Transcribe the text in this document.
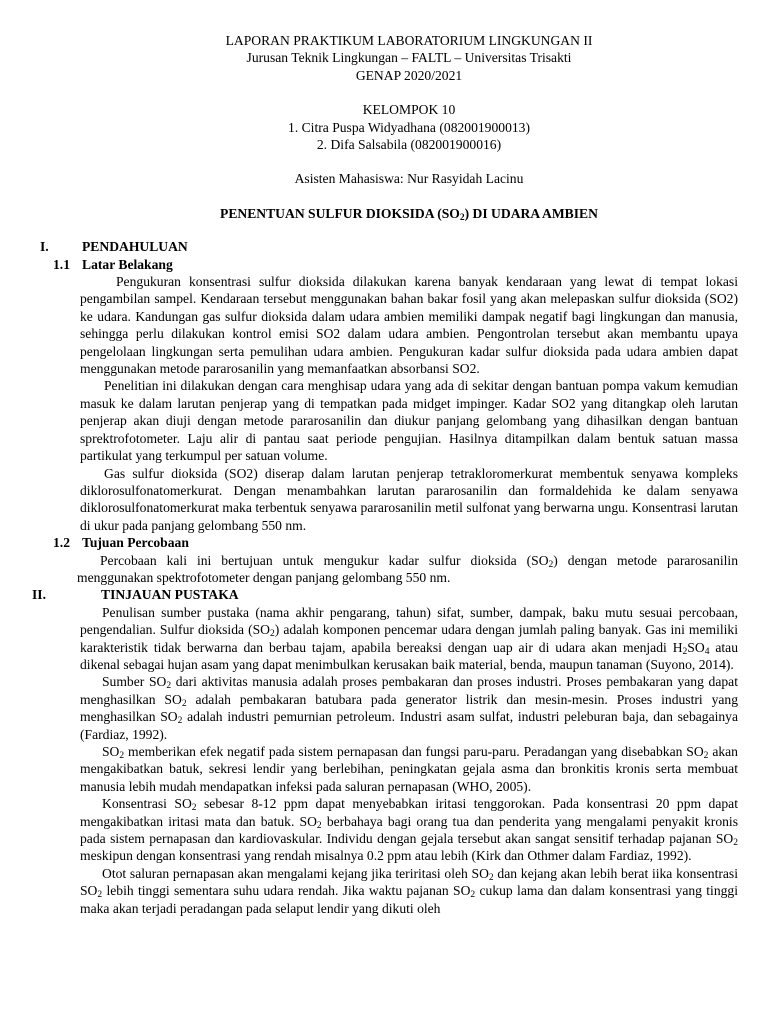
LAPORAN PRAKTIKUM LABORATORIUM LINGKUNGAN II
Jurusan Teknik Lingkungan – FALTL – Universitas Trisakti
GENAP 2020/2021
KELOMPOK 10
1. Citra Puspa Widyadhana (082001900013)
2. Difa Salsabila (082001900016)
Asisten Mahasiswa: Nur Rasyidah Lacinu
PENENTUAN SULFUR DIOKSIDA $(SO_2)$ DI UDARA AMBIEN
I. PENDAHULUAN
1.1 Latar Belakang

Pengukuran konsentrasi sulfur dioksida dilakukan karena banyak kendaraan yang lewat di tempat lokasi pengambilan sampel. Kendaraan tersebut menggunakan bahan bakar fosil yang akan melepaskan sulfur dioksida (SO2) ke udara. Kandungan gas sulfur dioksida dalam udara ambien memiliki dampak negatif bagi lingkungan dan manusia, sehingga perlu dilakukan kontrol emisi SO2 dalam udara ambien. Pengontrolan tersebut akan membantu upaya pengelolaan lingkungan serta pemulihan udara ambien. Pengukuran kadar sulfur dioksida pada udara ambien dapat menggunakan metode pararosanilin yang memanfaatkan absorbansi SO2.

Penelitian ini dilakukan dengan cara menghisap udara yang ada di sekitar dengan bantuan pompa vakum kemudian masuk ke dalam larutan penjerap yang di tempatkan pada midget impinger. Kadar SO2 yang ditangkap oleh larutan penjerap akan diuji dengan metode pararosanilin dan diukur panjang gelombang yang dihasilkan dengan bantuan sprektrofotometer. Laju alir di pantau saat periode pengujian. Hasilnya ditampilkan dalam bentuk satuan massa partikulat yang terkumpul per satuan volume.

Gas sulfur dioksida (SO2) diserap dalam larutan penjerap tetrakloromerkurat membentuk senyawa kompleks diklorosulfonatomerkurat. Dengan menambahkan larutan pararosanilin dan formaldehida ke dalam senyawa diklorosulfonatomerkurat maka terbentuk senyawa pararosanilin metil sulfonat yang berwarna ungu. Konsentrasi larutan di ukur pada panjang gelombang 550 nm.

1.2 Tujuan Percobaan

Percobaan kali ini bertujuan untuk mengukur kadar sulfur dioksida $(SO_2)$ dengan metode pararosanilin menggunakan spektrofotometer dengan panjang gelombang 550 nm.

II.	TINJAUAN PUSTAKA

Penulisan sumber pustaka (nama akhir pengarang, tahun) sifat, sumber, dampak, baku mutu sesuai percobaan, pengendalian. Sulfur dioksida $(SO_2)$ adalah komponen pencemar udara dengan jumlah paling banyak. Gas ini memiliki karakteristik tidak berwarna dan berbau tajam, apabila bereaksi dengan uap air di udara akan menjadi $H_2SO_4$ atau dikenal sebagai hujan asam yang dapat menimbulkan kerusakan baik material, benda, maupun tanaman (Suyono, 2014).

Sumber $SO_2$ dari aktivitas manusia adalah proses pembakaran dan proses industri. Proses pembakaran yang dapat menghasilkan $SO_2$ adalah pembakaran batubara pada generator listrik dan mesin-mesin. Proses industri yang menghasilkan $SO_2$ adalah industri pemurnian petroleum. Industri asam sulfat, industri peleburan baja, dan sebagainya (Fardiaz, 1992).

$SO_2$ memberikan efek negatif pada sistem pernapasan dan fungsi paru-paru. Peradangan yang disebabkan $SO_2$ akan mengakibatkan batuk, sekresi lendir yang berlebihan, peningkatan gejala asma dan bronkitis kronis serta membuat manusia lebih mudah mendapatkan infeksi pada saluran pernapasan (WHO, 2005).

Konsentrasi $SO_2$ sebesar 8-12 ppm dapat menyebabkan iritasi tenggorokan. Pada konsentrasi 20 ppm dapat mengakibatkan iritasi mata dan batuk. $SO_2$ berbahaya bagi orang tua dan penderita yang mengalami penyakit kronis pada sistem pernapasan dan kardiovaskular. Individu dengan gejala tersebut akan sangat sensitif terhadap pajanan $SO_2$ meskipun dengan konsentrasi yang rendah misalnya 0.2 ppm atau lebih (Kirk dan Othmer dalam Fardiaz, 1992).

Otot saluran pernapasan akan mengalami kejang jika teriritasi oleh $SO_2$ dan kejang akan lebih berat iika konsentrasi $SO_2$ lebih tinggi sementara suhu udara rendah. Jika waktu pajanan $SO_2$ cukup lama dan dalam konsentrasi yang tinggi maka akan terjadi peradangan pada selaput lendir yang dikuti oleh
